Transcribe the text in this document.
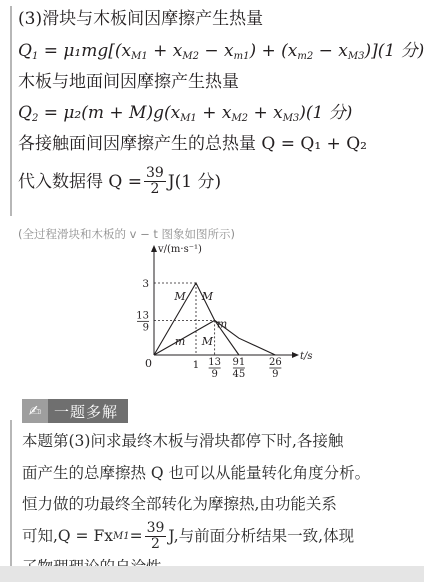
(3)滑块与木板间因摩擦产生热量
$Q_1 = \mu_1mg[(x_{M1} + x_{M2} - x_{m1}) + (x_{m2} - x_{M3})](1$ 分)
木板与地面间因摩擦产生热量
$Q_2 = \mu_2(m + M)g(x_{M1} + x_{M2} + x_{M3})(1$ 分)
各接触面间因摩擦产生的总热量 Q = Q₁ + Q₂
代入数据得 $Q = \frac{39}{2} J(1$ 分)
(全过程滑块和木板的 v − t 图象如图所示)
v/(m·s⁻¹)
t/s
0
3
13
9
1 13
9
91
45
26
9
M M
m
m M
✍ 一题多解

本题第(3)问求最终木板与滑块都停下时,各接触

面产生的总摩擦热 Q 也可以从能量转化角度分析。

恒力做的功最终全部转化为摩擦热,由功能关系

可知,Q = Fx $M1 = \frac{39}{2} J$,与前面分析结果一致,体现
